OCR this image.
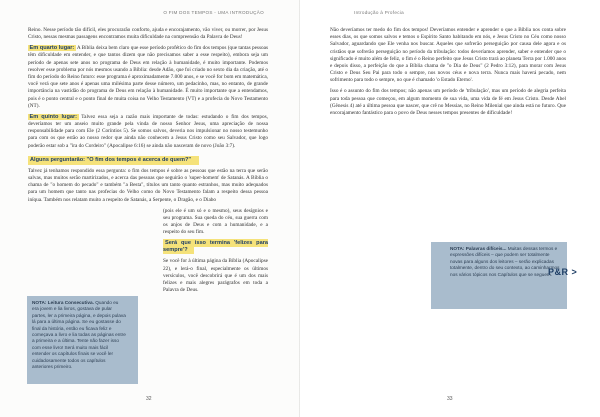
O FIM DOS TEMPOS - UMA INTRODUÇÃO

Reino. Nesse período tão difícil, eles procurarão conforto, ajuda e encorajamento, vão viver, ou morrer, por Jesus Cristo, nessas mesmas passagens encontramos muita dificuldade na compreensão da Palavra de Deus!

Em quarto lugar: A Bíblia deixa bem claro que esse período profético do fim dos tempos (que tantas pessoas têm dificuldade em entender, e que tantos dizem que não precisamos saber a esse respeito), embora seja um período de apenas sete anos no programa de Deus em relação à humanidade, é muito importante. Podemos resolver esse problema por nós mesmos usando a Bíblia: desde Adão, que foi criado no sexto dia da criação, até o fim do período do Reino futuro: esse programa é aproximadamente 7.000 anos, e se você for bom em matemática, você verá que sete anos é apenas uma milésima parte desse número, um pedacinho, mas, no entanto, de grande importância na vastidão do programa de Deus em relação à humanidade. É muito importante que a entendamos, pois é o ponto central e o ponto final de muita coisa no Velho Testamento (VT) e a profecia do Novo Testamento (NT).

Em quinto lugar: Talvez essa seja a razão mais importante de todas: estudando o fim dos tempos, deveríamos ter um anseio muito grande pela vinda de nosso Senhor Jesus, uma apreciação de nossa responsabilidade para com Ele (2 Coríntios 5). Se somos salvos, deveria nos impulsionar no nosso testemunho para com os que estão ao nosso redor que ainda não conhecem a Jesus Cristo como seu Salvador, que logo poderão estar sob a "ira do Cordeiro" (Apocalipse 6:16) se ainda não nasceram de novo (João 3:7).

Alguns perguntarão: "O fim dos tempos é acerca de quem?"

Talvez já tenhamos respondido essa pergunta: o fim dos tempos é sobre as pessoas que estão na terra que serão salvas, mas muitos serão martirizados, e acerca das pessoas que seguirão o 'super-homem' de Satanás. A Bíblia o chama de "o homem do pecado" e também "a Besta", títulos um tanto quanto estranhos, mas muito adequados para um homem que tanto nas profecias do Velho como do Novo Testamento falam a respeito dessa pessoa iníqua. Também nos relatam muito a respeito de Satanás, a Serpente, o Dragão, e o Diabo

(pois ele é um só e o mesmo), seus desígnios e seu programa. Sua queda do céu, sua guerra com os anjos de Deus e com a humanidade, e a respeito do seu fim.

Será que isso termina 'felizes para sempre'?

Se você for à última página da Bíblia (Apocalipse 22), e lerá-o final, especialmente os últimos versículos, você descobrirá que é um dos mais felizes e mais alegres parágrafos em toda a Palavra de Deus.

NOTA: Leitura Consecutiva. Quando eu era jovem e lia livros, gostava de pular partes, ler a primeira página, e depois pulava lá para a última página. Se eu gostasse do final da história, então eu ficava feliz e começava a livro e lia todas as páginas entre a primeira e a última. Tente não fazer isso com esse livro! Será muito mais fácil entender os capítulos finais se você ler cuidadosamente todos os capítulos anteriores primeiro.
32
Introdução à Profecia

Não deveríamos ter medo do fim dos tempos! Deveríamos entender e aprender o que a Bíblia nos conta sobre esses dias, os que somos salvos e temos o Espírito Santo habitando em nós, e Jesus Cristo no Céu como nosso Salvador, aguardando que Ele venha nos buscar. Aqueles que sofrerão perseguição por causa dele agora e os cristãos que sofrerão perseguição no período da tribulação: todos deveríamos aprender, saber e entender que o significado é muito além de feliz, o fim é o Reino perfeito que Jesus Cristo trará ao planeta Terra por 1.000 anos e depois disso, a perfeição do que a Bíblia chama de "o Dia de Deus" (2 Pedro 3:12), para morar com Jesus Cristo e Deus Seu Pai para todo o sempre, nos novos céus e nova terra. Nunca mais haverá pecado, nem sofrimento para todo o sempre, no que é chamado 'o Estado Eterno'.

Isso é o assunto do fim dos tempos; não apenas um período de 'tribulação', mas um período de alegria perfeita para toda pessoa que começou, em algum momento de sua vida, uma vida de fé em Jesus Cristo. Desde Abel (Gênesis 4) até a última pessoa que nascer, que crê no Messias, no Reino Milenial que ainda está no futuro. Que encorajamento fantástico para o povo de Deus nesses tempos presentes de dificuldade!

NOTA: Palavras difíceis... Muitas dessas termos e expressões difíceis – que podem ser totalmente novas para alguns dos leitores – serão explicadas totalmente, dentro do seu contexto, ao caminharmos nos vários tópicos nos Capítulos que se seguem.
33
P&R >
